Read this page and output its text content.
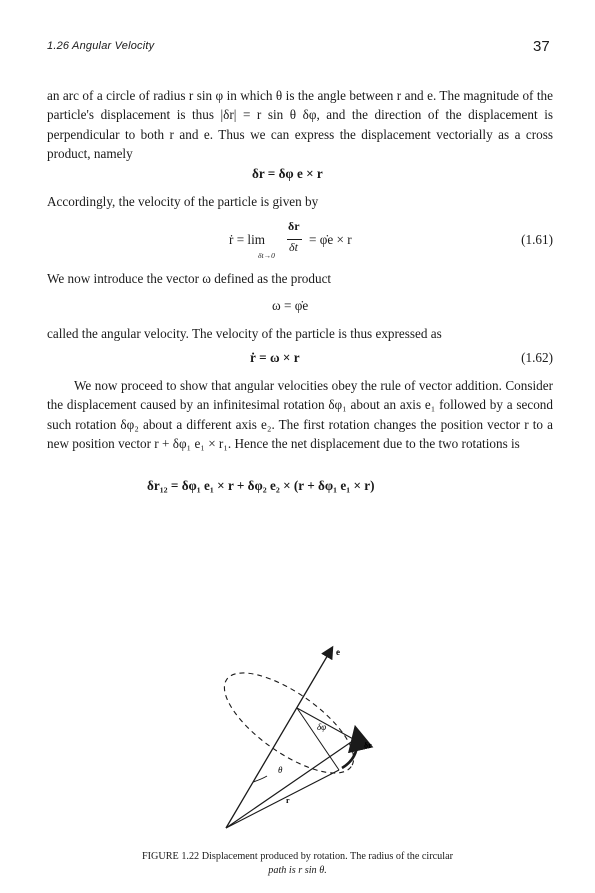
1.26 Angular Velocity	37

an arc of a circle of radius r sin φ in which θ is the angle between r and e. The magnitude of the particle's displacement is thus |δr| = r sin θ δφ, and the direction of the displacement is perpendicular to both r and e. Thus we can express the displacement vectorially as a cross product, namely

δr = δφ e × r

Accordingly, the velocity of the particle is given by

ṙ = lim
δr
δt
δt→0
= φ̇e × r	(1.61)

We now introduce the vector ω defined as the product

ω = φ̇e

called the angular velocity. The velocity of the particle is thus expressed as

ṙ = ω × r	(1.62)

We now proceed to show that angular velocities obey the rule of vector addition. Consider the displacement caused by an infinitesimal rotation δφ₁ about an axis e₁ followed by a second such rotation δφ₂ about a different axis e₂. The first rotation changes the position vector r to a new position vector r + δφ₁ e₁ × r₁. Hence the net displacement due to the two rotations is

δr₁₂ = δφ₁ e₁ × r + δφ₂ e₂ × (r + δφ₁ e₁ × r)
e
δφ
δr
θ
r
FIGURE 1.22 Displacement produced by rotation. The radius of the circular
path is r sin θ.
